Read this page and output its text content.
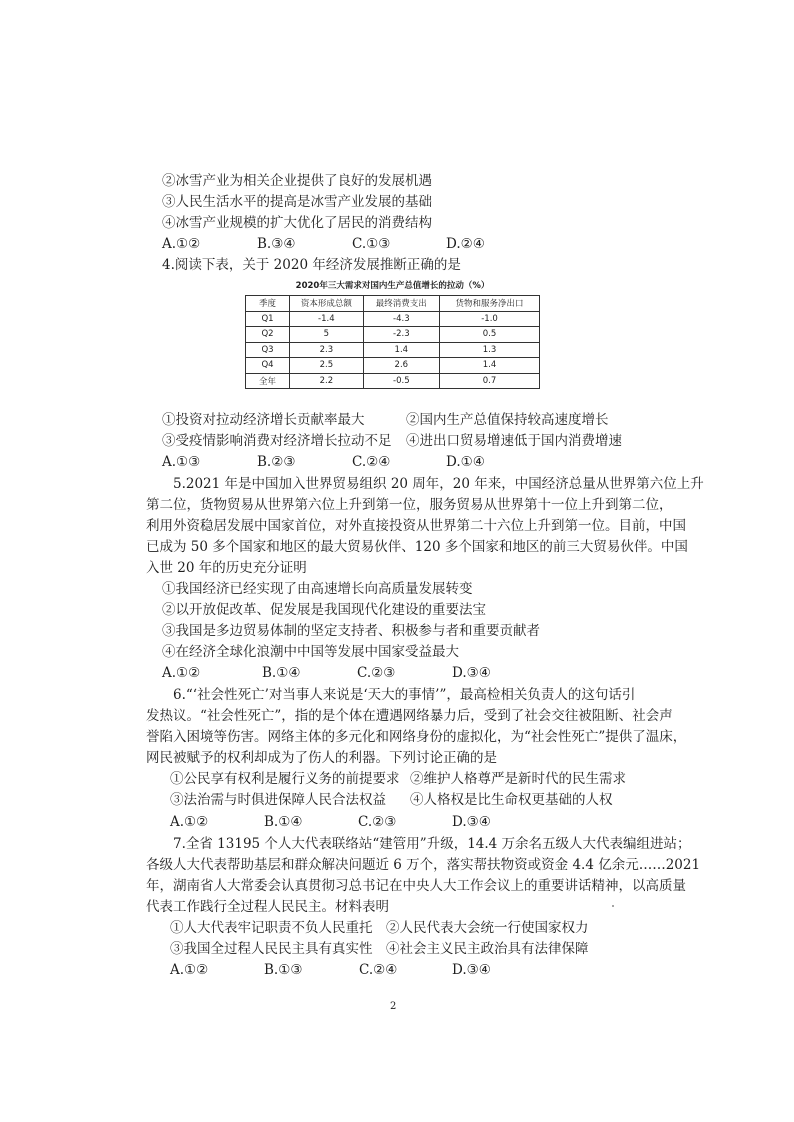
②冰雪产业为相关企业提供了良好的发展机遇
③人民生活水平的提高是冰雪产业发展的基础
④冰雪产业规模的扩大优化了居民的消费结构
A.①②	B.③④	C.①③	D.②④
4.阅读下表，关于 2020 年经济发展推断正确的是
2020年三大需求对国内生产总值增长的拉动（%）
季度	资本形成总额	最终消费支出	货物和服务净出口
Q1	-1.4	-4.3	-1.0
Q2	5	-2.3	0.5
Q3	2.3	1.4	1.3
Q4	2.5	2.6	1.4
全年	2.2	-0.5	0.7
①投资对拉动经济增长贡献率最大	②国内生产总值保持较高速度增长
③受疫情影响消费对经济增长拉动不足 ④进出口贸易增速低于国内消费增速
A.①③	B.②③	C.②④	D.①④
5.2021 年是中国加入世界贸易组织 20 周年，20 年来，中国经济总量从世界第六位上升
第二位，货物贸易从世界第六位上升到第一位，服务贸易从世界第十一位上升到第二位，
利用外资稳居发展中国家首位，对外直接投资从世界第二十六位上升到第一位。目前，中国
已成为 50 多个国家和地区的最大贸易伙伴、120 多个国家和地区的前三大贸易伙伴。中国
入世 20 年的历史充分证明
①我国经济已经实现了由高速增长向高质量发展转变
②以开放促改革、促发展是我国现代化建设的重要法宝
③我国是多边贸易体制的坚定支持者、积极参与者和重要贡献者
④在经济全球化浪潮中中国等发展中国家受益最大
A.①②	B.①④	C.②③	D.③④
6.“‘社会性死亡’对当事人来说是‘天大的事情’”，最高检相关负责人的这句话引
发热议。“社会性死亡”，指的是个体在遭遇网络暴力后，受到了社会交往被阻断、社会声
誉陷入困境等伤害。网络主体的多元化和网络身份的虚拟化，为“社会性死亡”提供了温床，
网民被赋予的权利却成为了伤人的利器。下列讨论正确的是
①公民享有权利是履行义务的前提要求 ②维护人格尊严是新时代的民生需求
③法治需与时俱进保障人民合法权益 ④人格权是比生命权更基础的人权
A.①②	B.①④	C.②③	D.③④
7.全省 13195 个人大代表联络站“建管用”升级，14.4 万余名五级人大代表编组进站；
各级人大代表帮助基层和群众解决问题近 6 万个，落实帮扶物资或资金 4.4 亿余元……2021
年，湖南省人大常委会认真贯彻习总书记在中央人大工作会议上的重要讲话精神，以高质量
代表工作践行全过程人民民主。材料表明
①人大代表牢记职责不负人民重托 ②人民代表大会统一行使国家权力
③我国全过程人民民主具有真实性 ④社会主义民主政治具有法律保障
A.①②	B.①③	C.②④	D.③④
2
